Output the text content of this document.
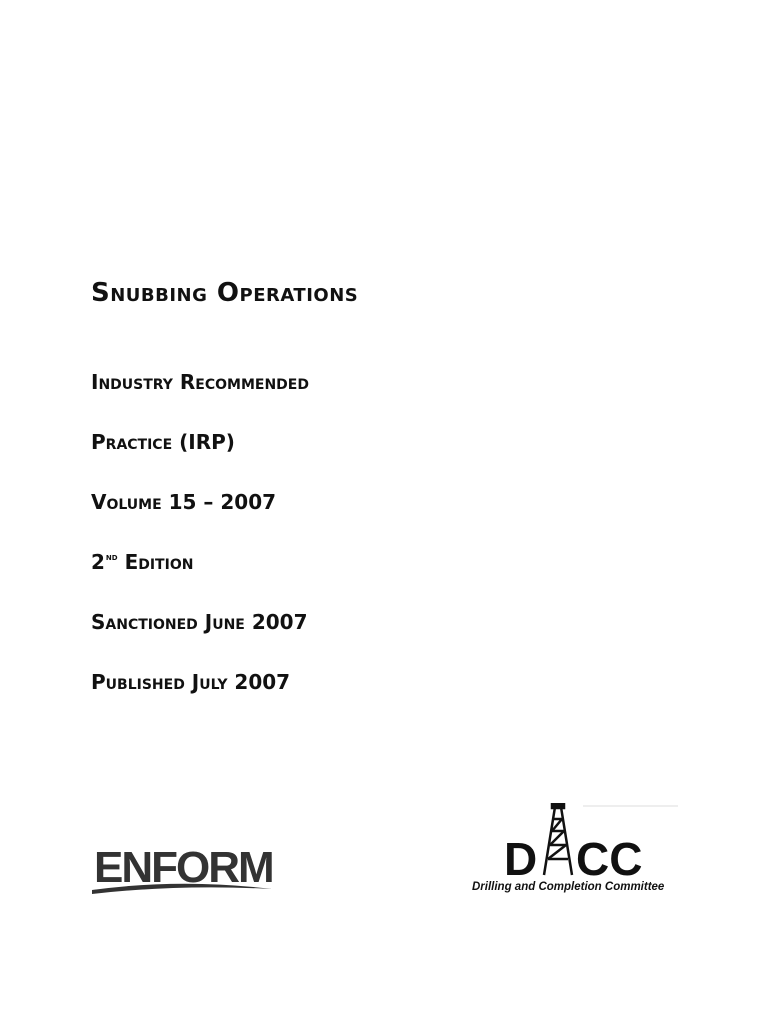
Snubbing Operations

Industry Recommended

Practice (IRP)

Volume 15 – 2007

2nd Edition

Sanctioned June 2007

Published July 2007

ENFORM	D CC
Drilling and Completion Committee
